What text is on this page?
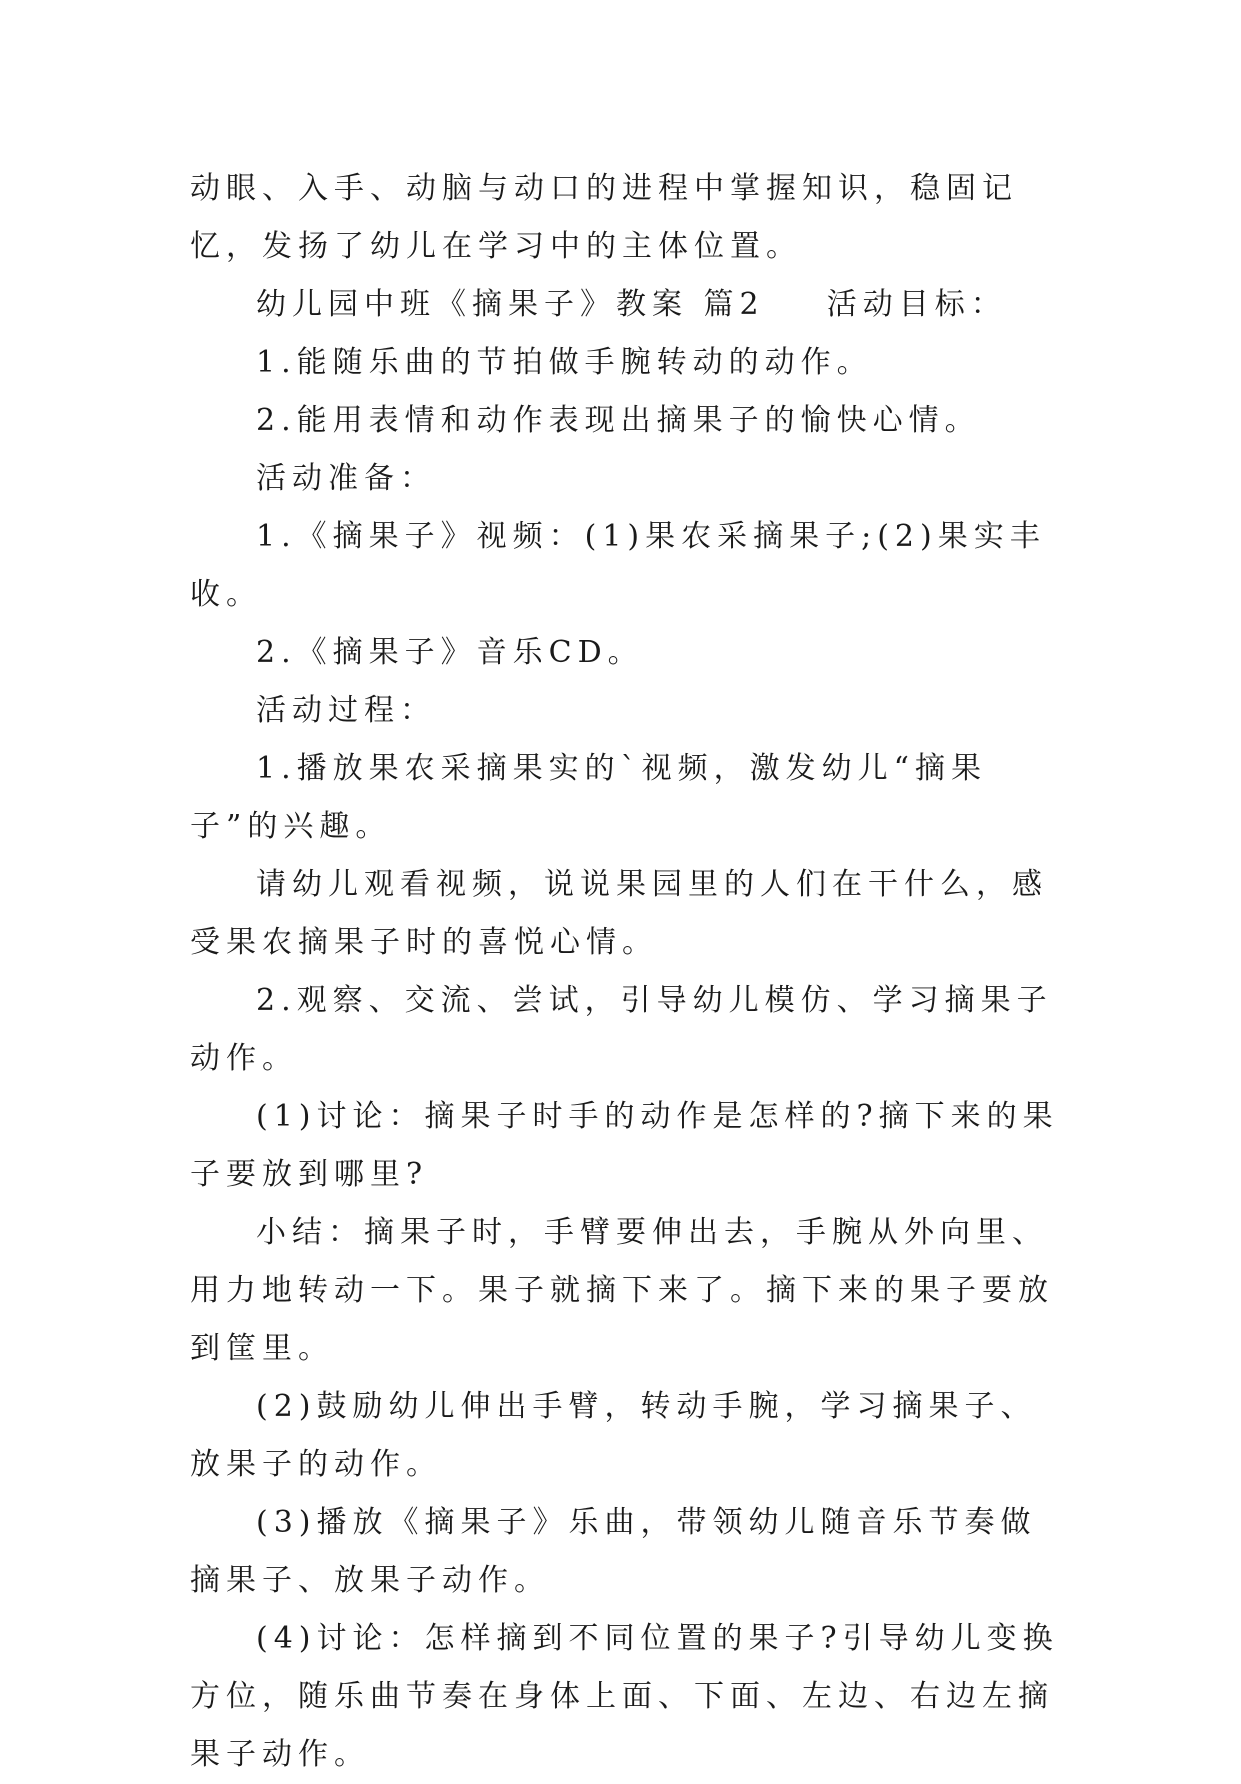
动眼、入手、动脑与动口的进程中掌握知识，稳固记忆，发扬了幼儿在学习中的主体位置。

幼儿园中班《摘果子》教案 篇2    活动目标：

1.能随乐曲的节拍做手腕转动的动作。

2.能用表情和动作表现出摘果子的愉快心情。

活动准备：

1.《摘果子》视频：(1)果农采摘果子;(2)果实丰收。

2.《摘果子》音乐CD。

活动过程：

1.播放果农采摘果实的`视频，激发幼儿“摘果子”的兴趣。

请幼儿观看视频，说说果园里的人们在干什么，感受果农摘果子时的喜悦心情。

2.观察、交流、尝试，引导幼儿模仿、学习摘果子动作。

(1)讨论：摘果子时手的动作是怎样的?摘下来的果子要放到哪里?

小结：摘果子时，手臂要伸出去，手腕从外向里、用力地转动一下。果子就摘下来了。摘下来的果子要放到筐里。

(2)鼓励幼儿伸出手臂，转动手腕，学习摘果子、放果子的动作。

(3)播放《摘果子》乐曲，带领幼儿随音乐节奏做摘果子、放果子动作。

(4)讨论：怎样摘到不同位置的果子?引导幼儿变换方位，随乐曲节奏在身体上面、下面、左边、右边左摘果子动作。
